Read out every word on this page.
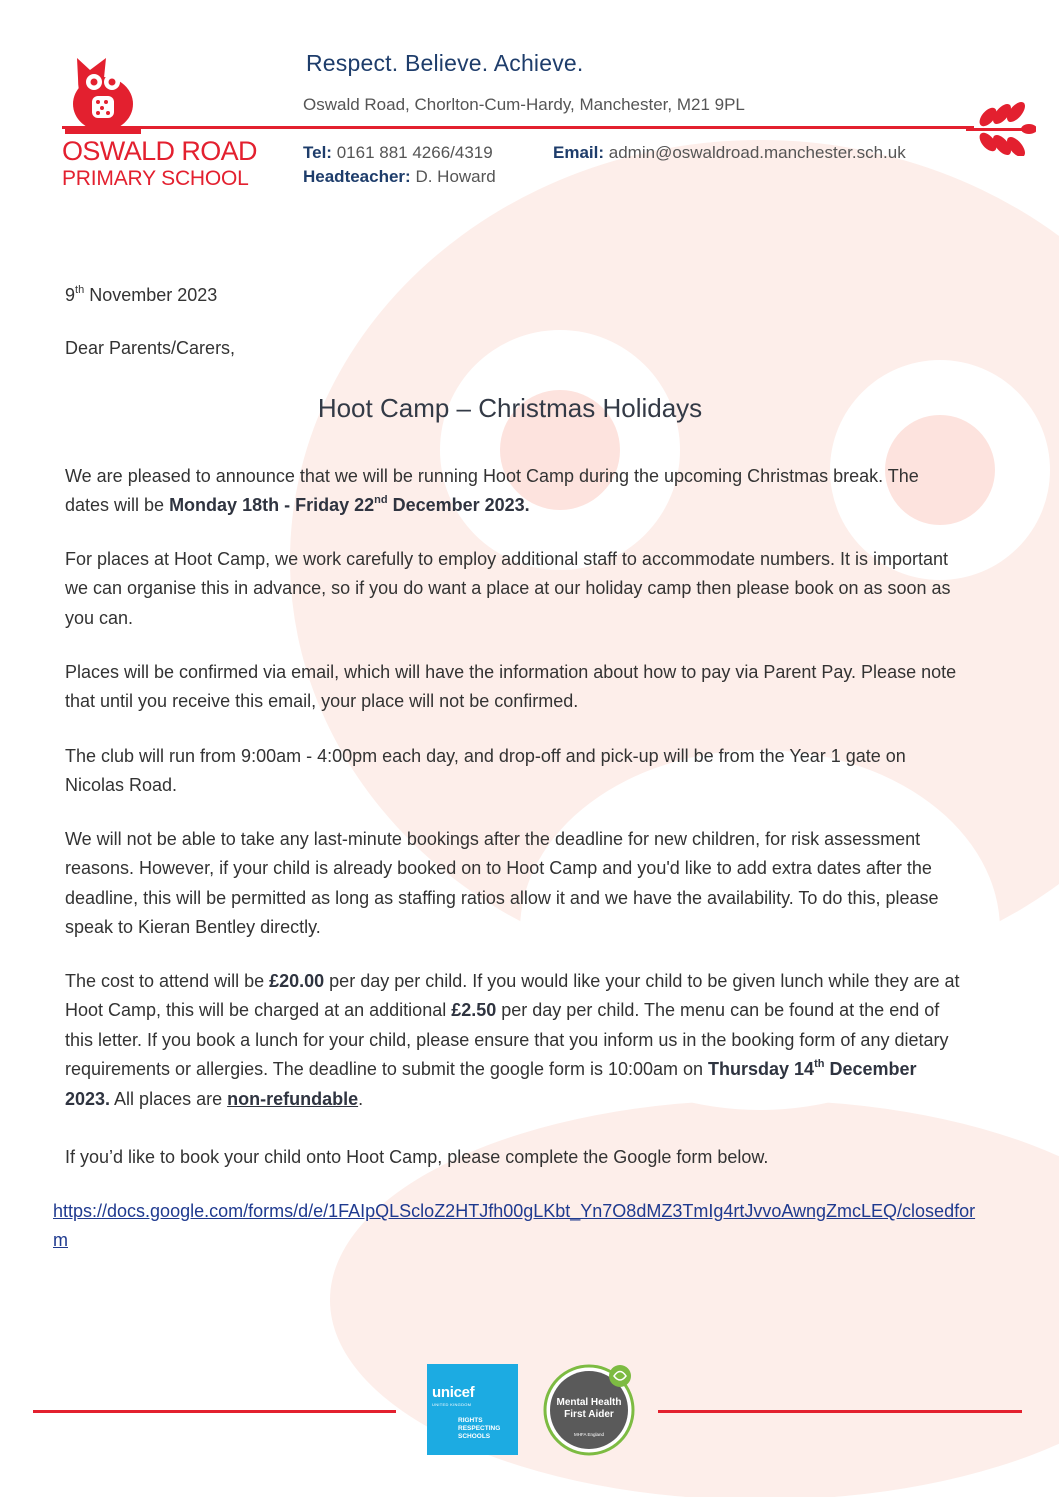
OSWALD ROAD
PRIMARY SCHOOL
Respect. Believe. Achieve.
Oswald Road, Chorlton-Cum-Hardy, Manchester, M21 9PL
Tel: 0161 881 4266/4319
Headteacher: D. Howard
Email: admin@oswaldroad.manchester.sch.uk
9th November 2023
Dear Parents/Carers,
Hoot Camp – Christmas Holidays
We are pleased to announce that we will be running Hoot Camp during the upcoming Christmas break. The dates will be Monday 18th - Friday 22nd December 2023.
For places at Hoot Camp, we work carefully to employ additional staff to accommodate numbers. It is important we can organise this in advance, so if you do want a place at our holiday camp then please book on as soon as you can.
Places will be confirmed via email, which will have the information about how to pay via Parent Pay. Please note that until you receive this email, your place will not be confirmed.
The club will run from 9:00am - 4:00pm each day, and drop-off and pick-up will be from the Year 1 gate on Nicolas Road.
We will not be able to take any last-minute bookings after the deadline for new children, for risk assessment reasons. However, if your child is already booked on to Hoot Camp and you'd like to add extra dates after the deadline, this will be permitted as long as staffing ratios allow it and we have the availability. To do this, please speak to Kieran Bentley directly.
The cost to attend will be £20.00 per day per child. If you would like your child to be given lunch while they are at Hoot Camp, this will be charged at an additional £2.50 per day per child. The menu can be found at the end of this letter. If you book a lunch for your child, please ensure that you inform us in the booking form of any dietary requirements or allergies. The deadline to submit the google form is 10:00am on Thursday 14th December 2023. All places are non-refundable.
If you’d like to book your child onto Hoot Camp, please complete the Google form below.
https://docs.google.com/forms/d/e/1FAIpQLScloZ2HTJfh00gLKbt_Yn7O8dMZ3TmIg4rtJvvoAwngZmcLEQ/closedform
unicef
UNITED KINGDOM
RIGHTS
RESPECTING
SCHOOLS
Mental Health
First Aider
MHFA England
